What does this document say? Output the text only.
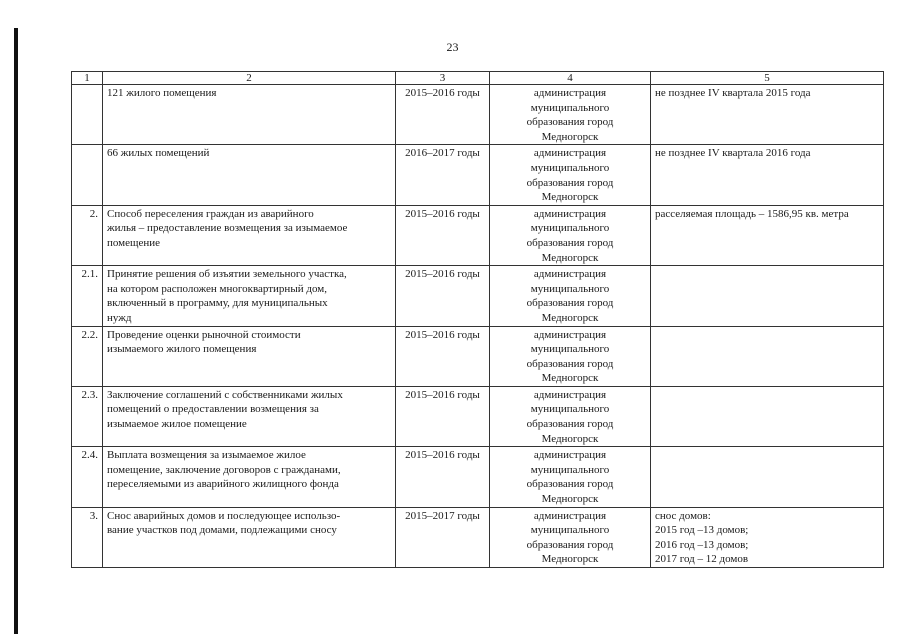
23
1	2	3	4	5

	121 жилого помещения	2015–2016 годы	администрация
муниципального
образования город
Медногорск	не позднее IV квартала 2015 года

	66 жилых помещений	2016–2017 годы	администрация
муниципального
образования город
Медногорск	не позднее IV квартала 2016 года

2.	Способ переселения граждан из аварийного
жилья – предоставление возмещения за изымаемое
помещение	2015–2016 годы	администрация
муниципального
образования город
Медногорск	расселяемая площадь – 1586,95 кв. метра

2.1.	Принятие решения об изъятии земельного участка,
на котором расположен многоквартирный дом,
включенный в программу, для муниципальных
нужд	2015–2016 годы	администрация
муниципального
образования город
Медногорск	

2.2.	Проведение оценки рыночной стоимости
изымаемого жилого помещения	2015–2016 годы	администрация
муниципального
образования город
Медногорск	

2.3.	Заключение соглашений с собственниками жилых
помещений о предоставлении возмещения за
изымаемое жилое помещение	2015–2016 годы	администрация
муниципального
образования город
Медногорск	

2.4.	Выплата возмещения за изымаемое жилое
помещение, заключение договоров с гражданами,
переселяемыми из аварийного жилищного фонда	2015–2016 годы	администрация
муниципального
образования город
Медногорск	

3.	Снос аварийных домов и последующее использо-
вание участков под домами, подлежащими сносу	2015–2017 годы	администрация
муниципального
образования город
Медногорск	снос домов:
2015 год –13 домов;
2016 год –13 домов;
2017 год – 12 домов
